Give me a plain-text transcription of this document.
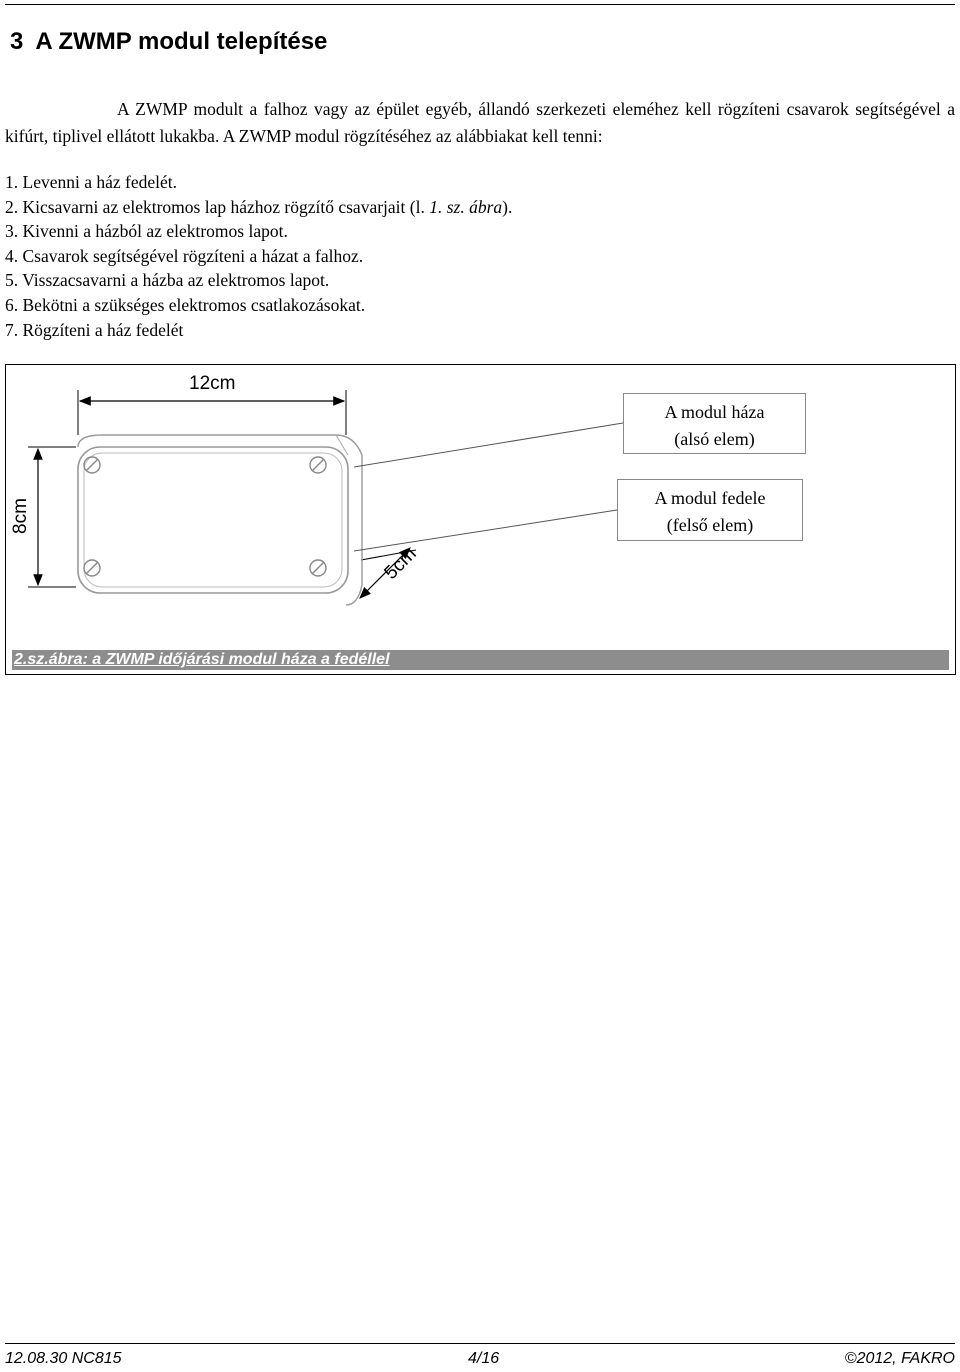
3 A ZWMP modul telepítése

A ZWMP modult a falhoz vagy az épület egyéb, állandó szerkezeti eleméhez kell rögzíteni csavarok segítségével a kifúrt, tiplivel ellátott lukakba. A ZWMP modul rögzítéséhez az alábbiakat kell tenni:

1. Levenni a ház fedelét.
2. Kicsavarni az elektromos lap házhoz rögzítő csavarjait (l. 1. sz. ábra).
3. Kivenni a házból az elektromos lapot.
4. Csavarok segítségével rögzíteni a házat a falhoz.
5. Visszacsavarni a házba az elektromos lapot.
6. Bekötni a szükséges elektromos csatlakozásokat.
7. Rögzíteni a ház fedelét
12cm
8cm
5cm
A modul háza
(alsó elem)
A modul fedele
(felső elem)
2.sz.ábra: a ZWMP időjárási modul háza a fedéllel
12.08.30 NC815	4/16	©2012, FAKRO
